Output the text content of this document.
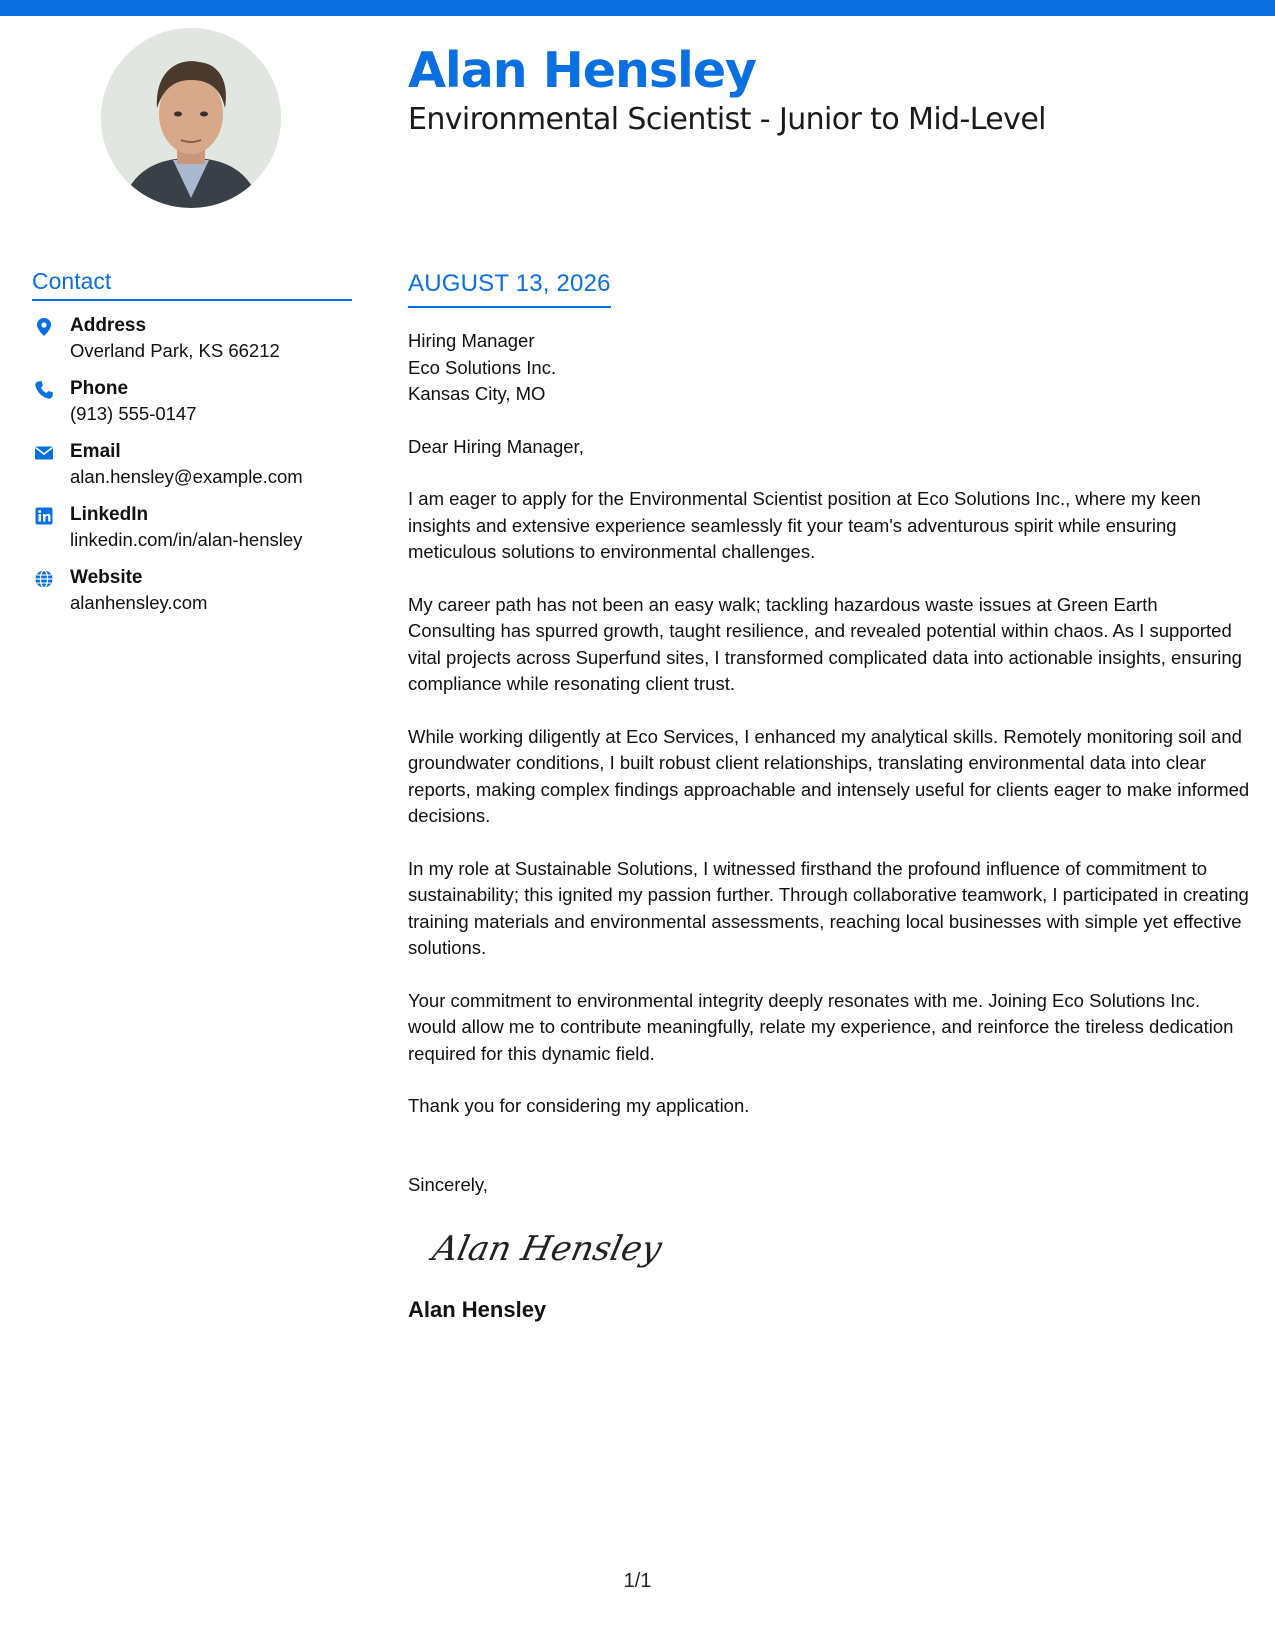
Alan Hensley
Environmental Scientist - Junior to Mid-Level
Contact
Address
Overland Park, KS 66212
Phone
(913) 555-0147
Email
alan.hensley@example.com
LinkedIn
linkedin.com/in/alan-hensley
Website
alanhensley.com
AUGUST 13, 2026
Hiring Manager
Eco Solutions Inc.
Kansas City, MO
Dear Hiring Manager,
I am eager to apply for the Environmental Scientist position at Eco Solutions Inc., where my keen insights and extensive experience seamlessly fit your team's adventurous spirit while ensuring meticulous solutions to environmental challenges.
My career path has not been an easy walk; tackling hazardous waste issues at Green Earth Consulting has spurred growth, taught resilience, and revealed potential within chaos. As I supported vital projects across Superfund sites, I transformed complicated data into actionable insights, ensuring compliance while resonating client trust.
While working diligently at Eco Services, I enhanced my analytical skills. Remotely monitoring soil and groundwater conditions, I built robust client relationships, translating environmental data into clear reports, making complex findings approachable and intensely useful for clients eager to make informed decisions.
In my role at Sustainable Solutions, I witnessed firsthand the profound influence of commitment to sustainability; this ignited my passion further. Through collaborative teamwork, I participated in creating training materials and environmental assessments, reaching local businesses with simple yet effective solutions.
Your commitment to environmental integrity deeply resonates with me. Joining Eco Solutions Inc. would allow me to contribute meaningfully, relate my experience, and reinforce the tireless dedication required for this dynamic field.
Thank you for considering my application.
Sincerely,
Alan Hensley
Alan Hensley
1/1
